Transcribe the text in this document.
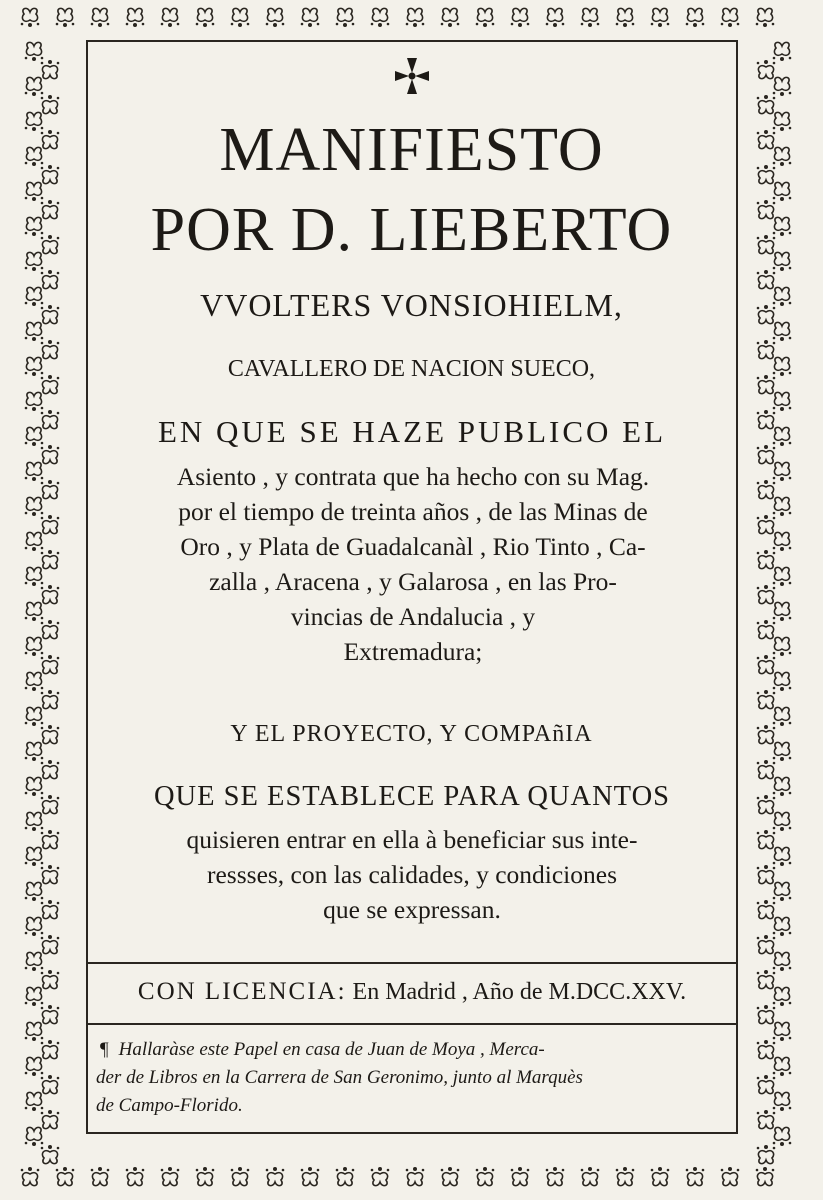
MANIFIESTO
POR D. LIEBERTO
VVOLTERS VONSIOHIELM,
CAVALLERO DE NACION SUECO,
EN QUE SE HAZE PUBLICO EL
Asiento , y contrata que ha hecho con su Mag.
por el tiempo de treinta años , de las Minas de
Oro , y Plata de Guadalcanàl , Rio Tinto , Ca-
zalla , Aracena , y Galarosa , en las Pro-
vincias de Andalucia , y
Extremadura;
Y EL PROYECTO, Y COMPAñIA
QUE SE ESTABLECE PARA QUANTOS
quisieren entrar en ella à beneficiar sus inte-
ressses, con las calidades, y condiciones
que se expressan.
CON LICENCIA: En Madrid , Año de M.DCC.XXV.
¶ Hallaràse este Papel en casa de Juan de Moya , Merca-
der de Libros en la Carrera de San Geronimo, junto al Marquès
de Campo-Florido.
